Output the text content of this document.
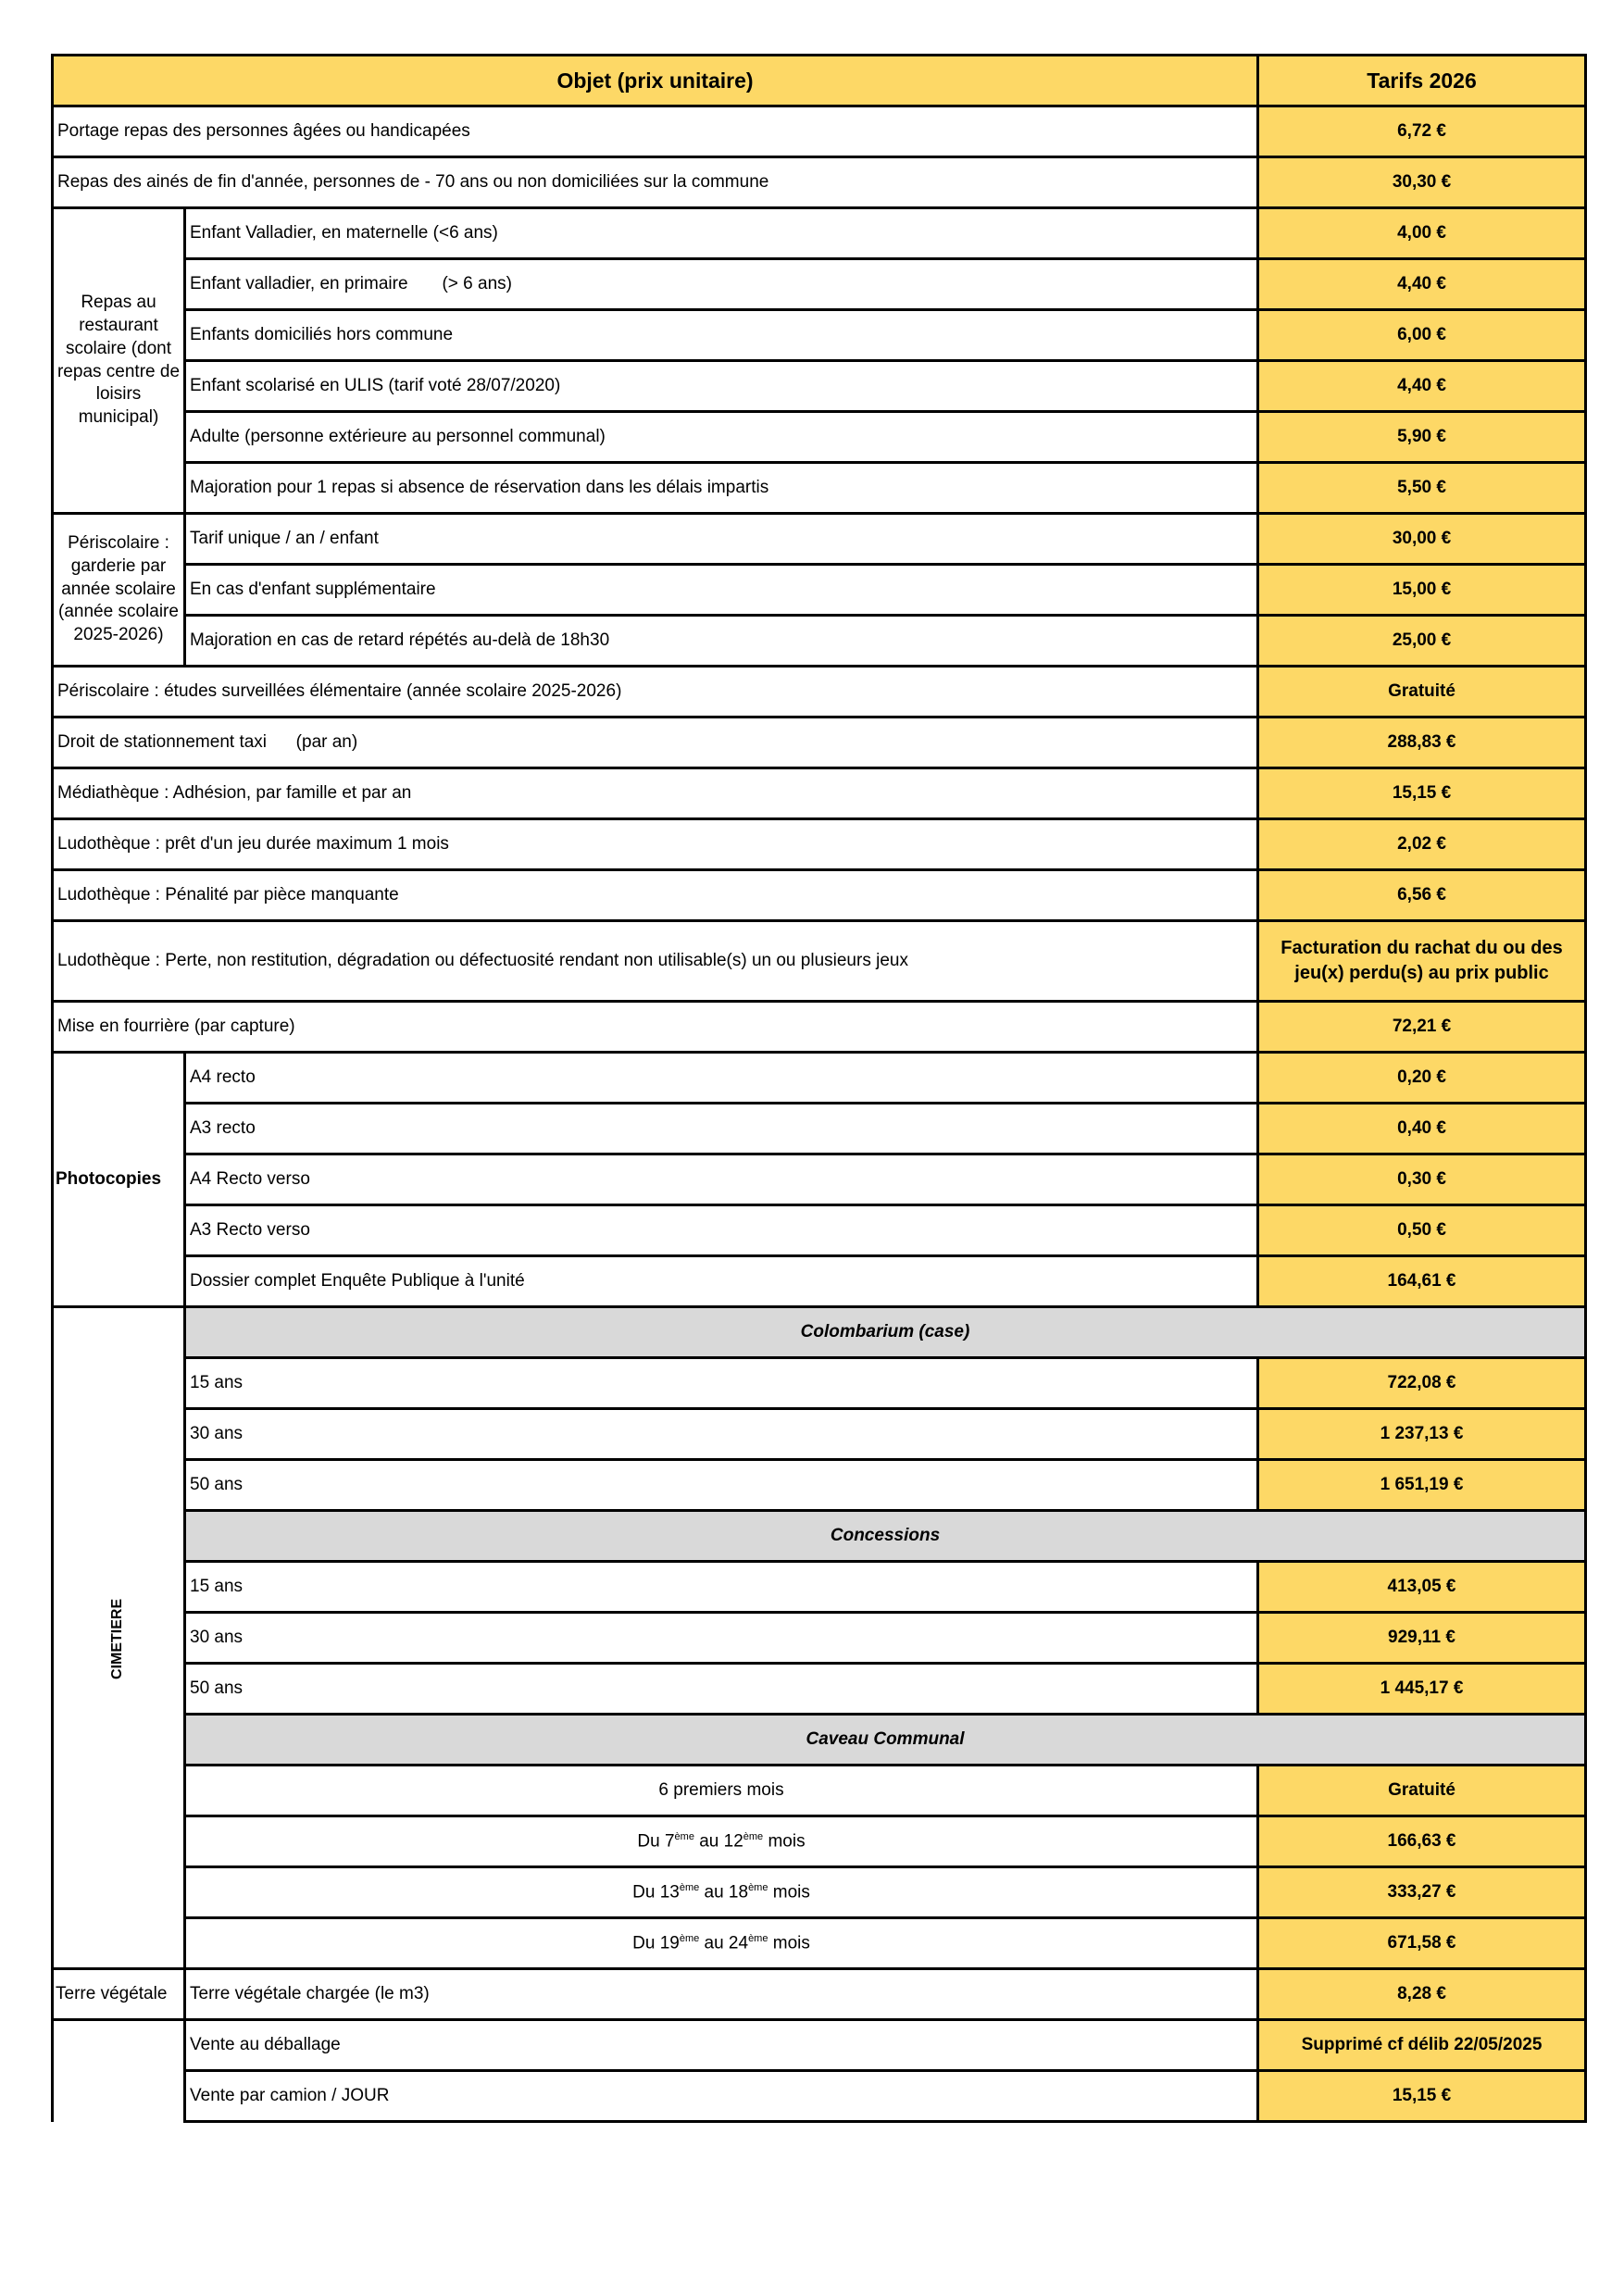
Objet (prix unitaire)		Tarifs 2026
Portage repas des personnes âgées ou handicapées		6,72 €
Repas des ainés de fin d'année, personnes de - 70 ans ou non domiciliées sur la commune		30,30 €
Repas au restaurant scolaire (dont repas centre de loisirs municipal)	Enfant Valladier, en maternelle (<6 ans)	4,00 €
	Enfant valladier, en primaire       (> 6 ans)	4,40 €
	Enfants domiciliés hors commune	6,00 €
	Enfant scolarisé en ULIS (tarif voté 28/07/2020)	4,40 €
	Adulte (personne extérieure au personnel communal)	5,90 €
	Majoration pour 1 repas si absence de réservation dans les délais impartis	5,50 €
Périscolaire : garderie par année scolaire (année scolaire 2025-2026)	Tarif unique / an / enfant	30,00 €
	En cas d'enfant supplémentaire	15,00 €
	Majoration en cas de retard répétés au-delà de 18h30	25,00 €
Périscolaire : études surveillées élémentaire (année scolaire 2025-2026)		Gratuité
Droit de stationnement taxi      (par an)		288,83 €
Médiathèque : Adhésion, par famille et par an		15,15 €
Ludothèque : prêt d'un jeu durée maximum 1 mois		2,02 €
Ludothèque : Pénalité par pièce manquante		6,56 €
Ludothèque : Perte, non restitution, dégradation ou défectuosité rendant non utilisable(s) un ou plusieurs jeux		Facturation du rachat du ou des jeu(x) perdu(s) au prix public
Mise en fourrière (par capture)		72,21 €
Photocopies	A4 recto	0,20 €
	A3 recto	0,40 €
	A4 Recto verso	0,30 €
	A3 Recto verso	0,50 €
	Dossier complet Enquête Publique à l'unité	164,61 €
CIMETIERE	Colombarium (case)	
	15 ans	722,08 €
	30 ans	1 237,13 €
	50 ans	1 651,19 €
	Concessions	
	15 ans	413,05 €
	30 ans	929,11 €
	50 ans	1 445,17 €
	Caveau Communal	
	6 premiers mois	Gratuité
	Du 7ème au 12ème mois	166,63 €
	Du 13ème au 18ème mois	333,27 €
	Du 19ème au 24ème mois	671,58 €
Terre végétale	Terre végétale chargée (le m3)	8,28 €
	Vente au déballage	Supprimé cf délib 22/05/2025
	Vente par camion / JOUR	15,15 €
